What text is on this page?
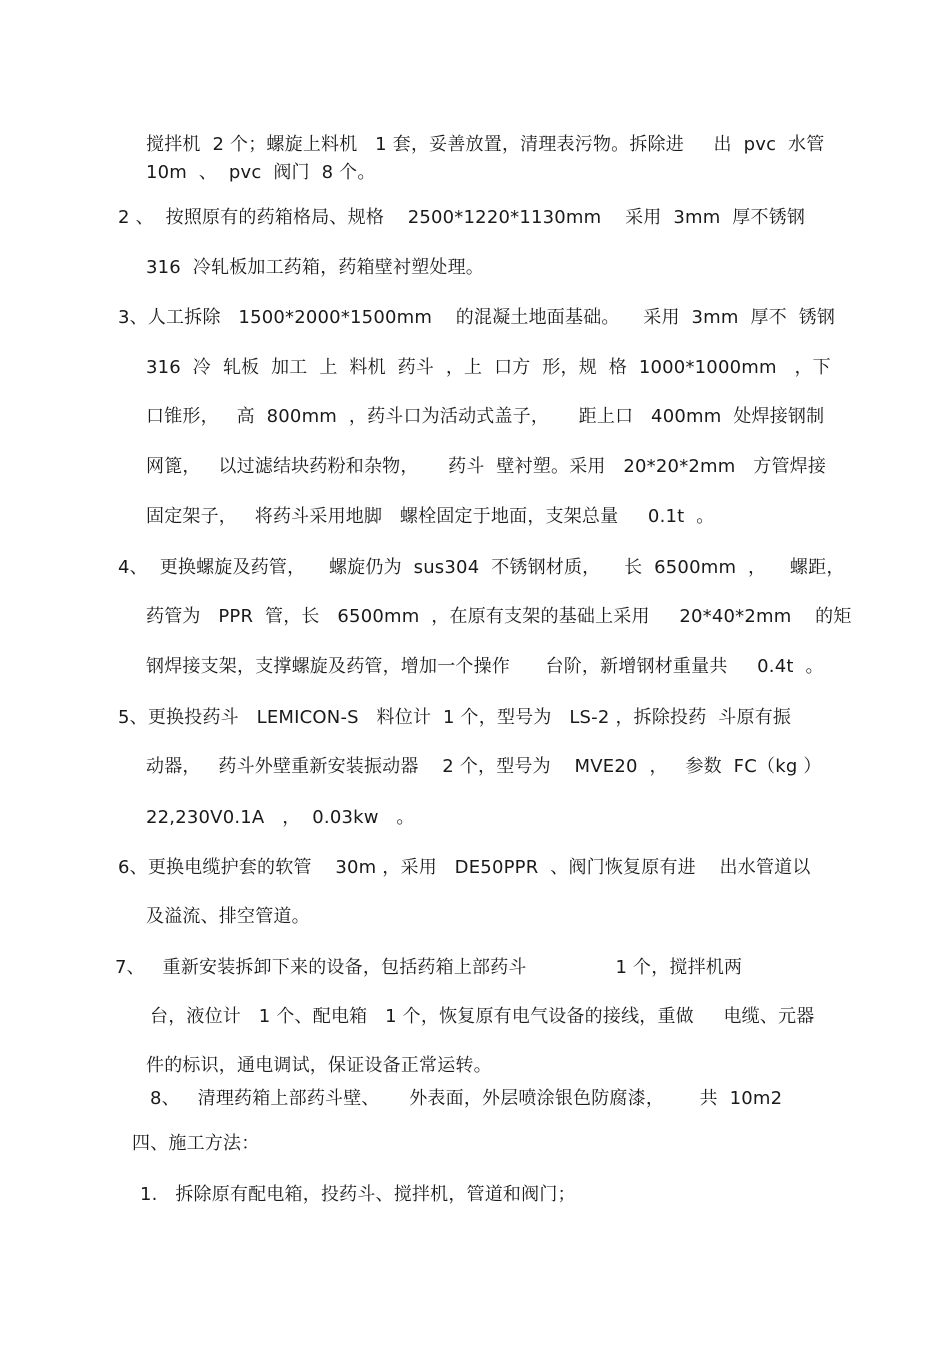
搅拌机  2 个；螺旋上料机   1 套，妥善放置，清理表污物。拆除进     出  pvc  水管
10m  、  pvc  阀门  8 个。
2 、  按照原有的药箱格局、规格    2500*1220*1130mm    采用  3mm  厚不锈钢
316  冷轧板加工药箱，药箱壁衬塑处理。
3、人工拆除   1500*2000*1500mm    的混凝土地面基础。    采用  3mm  厚不  锈钢
316  冷  轧板  加工  上  料机  药斗  ，上  口方  形，规  格  1000*1000mm   ，下
口锥形，   高  800mm  ，药斗口为活动式盖子，     距上口   400mm  处焊接钢制
网篦，   以过滤结块药粉和杂物，     药斗  壁衬塑。采用   20*20*2mm   方管焊接
固定架子，   将药斗采用地脚   螺栓固定于地面，支架总量     0.1t  。
4、  更换螺旋及药管，    螺旋仍为  sus304  不锈钢材质，    长  6500mm  ，    螺距，
药管为   PPR  管，长   6500mm  ，在原有支架的基础上采用     20*40*2mm    的矩
钢焊接支架，支撑螺旋及药管，增加一个操作      台阶，新增钢材重量共     0.4t  。
5、更换投药斗   LEMICON-S   料位计  1 个，型号为   LS-2 ，拆除投药  斗原有振
动器，   药斗外壁重新安装振动器    2 个，型号为    MVE20  ，   参数  FC（kg ）
22,230V0.1A   ，  0.03kw   。
6、更换电缆护套的软管    30m ，采用   DE50PPR  、阀门恢复原有进    出水管道以
及溢流、排空管道。
7、   重新安装拆卸下来的设备，包括药箱上部药斗               1 个，搅拌机两
台，液位计   1 个、配电箱   1 个，恢复原有电气设备的接线，重做     电缆、元器
件的标识，通电调试，保证设备正常运转。
8、   清理药箱上部药斗壁、     外表面，外层喷涂银色防腐漆，      共  10m2
四、施工方法：
1.   拆除原有配电箱，投药斗、搅拌机，管道和阀门；
